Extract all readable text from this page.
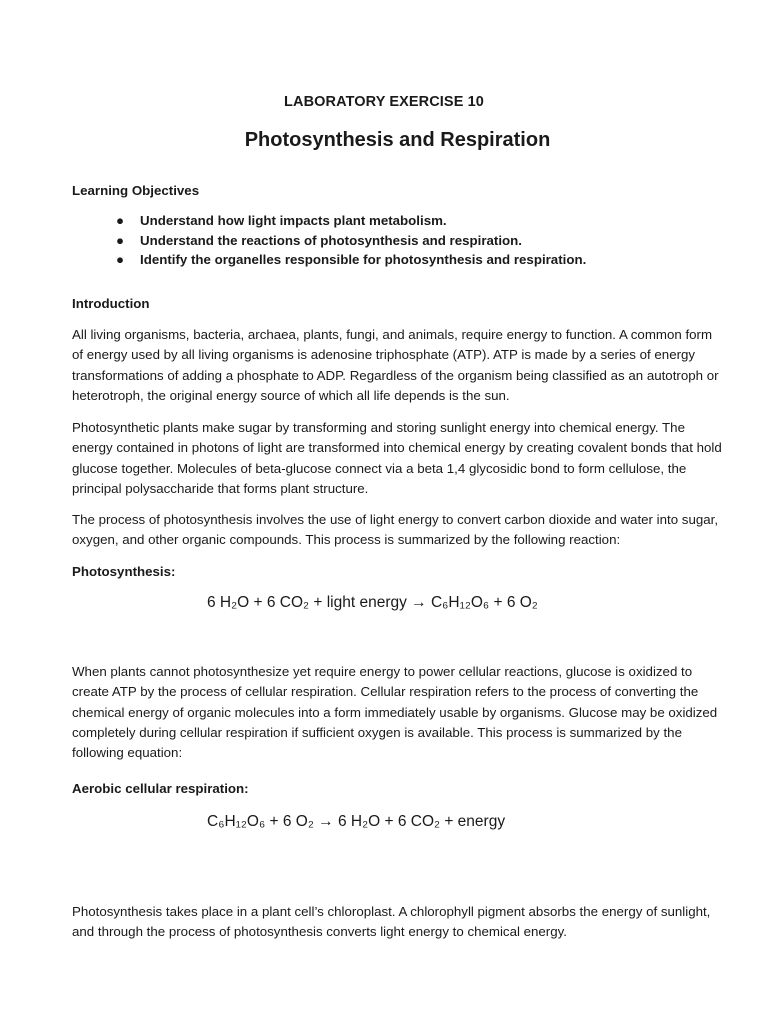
LABORATORY EXERCISE 10
Photosynthesis and Respiration
Learning Objectives
● Understand how light impacts plant metabolism.
● Understand the reactions of photosynthesis and respiration.
● Identify the organelles responsible for photosynthesis and respiration.
Introduction

All living organisms, bacteria, archaea, plants, fungi, and animals, require energy to function. A common form of energy used by all living organisms is adenosine triphosphate (ATP). ATP is made by a series of energy transformations of adding a phosphate to ADP. Regardless of the organism being classified as an autotroph or heterotroph, the original energy source of which all life depends is the sun.

Photosynthetic plants make sugar by transforming and storing sunlight energy into chemical energy. The energy contained in photons of light are transformed into chemical energy by creating covalent bonds that hold glucose together. Molecules of beta-glucose connect via a beta 1,4 glycosidic bond to form cellulose, the principal polysaccharide that forms plant structure.

The process of photosynthesis involves the use of light energy to convert carbon dioxide and water into sugar, oxygen, and other organic compounds. This process is summarized by the following reaction:

Photosynthesis:
6 H₂O + 6 CO₂ + light energy → C₆H₁₂O₆ + 6 O₂

When plants cannot photosynthesize yet require energy to power cellular reactions, glucose is oxidized to create ATP by the process of cellular respiration. Cellular respiration refers to the process of converting the chemical energy of organic molecules into a form immediately usable by organisms. Glucose may be oxidized completely during cellular respiration if sufficient oxygen is available. This process is summarized by the following equation:

Aerobic cellular respiration:
C₆H₁₂O₆ + 6 O₂ → 6 H₂O + 6 CO₂ + energy

Photosynthesis takes place in a plant cell’s chloroplast. A chlorophyll pigment absorbs the energy of sunlight, and through the process of photosynthesis converts light energy to chemical energy.
